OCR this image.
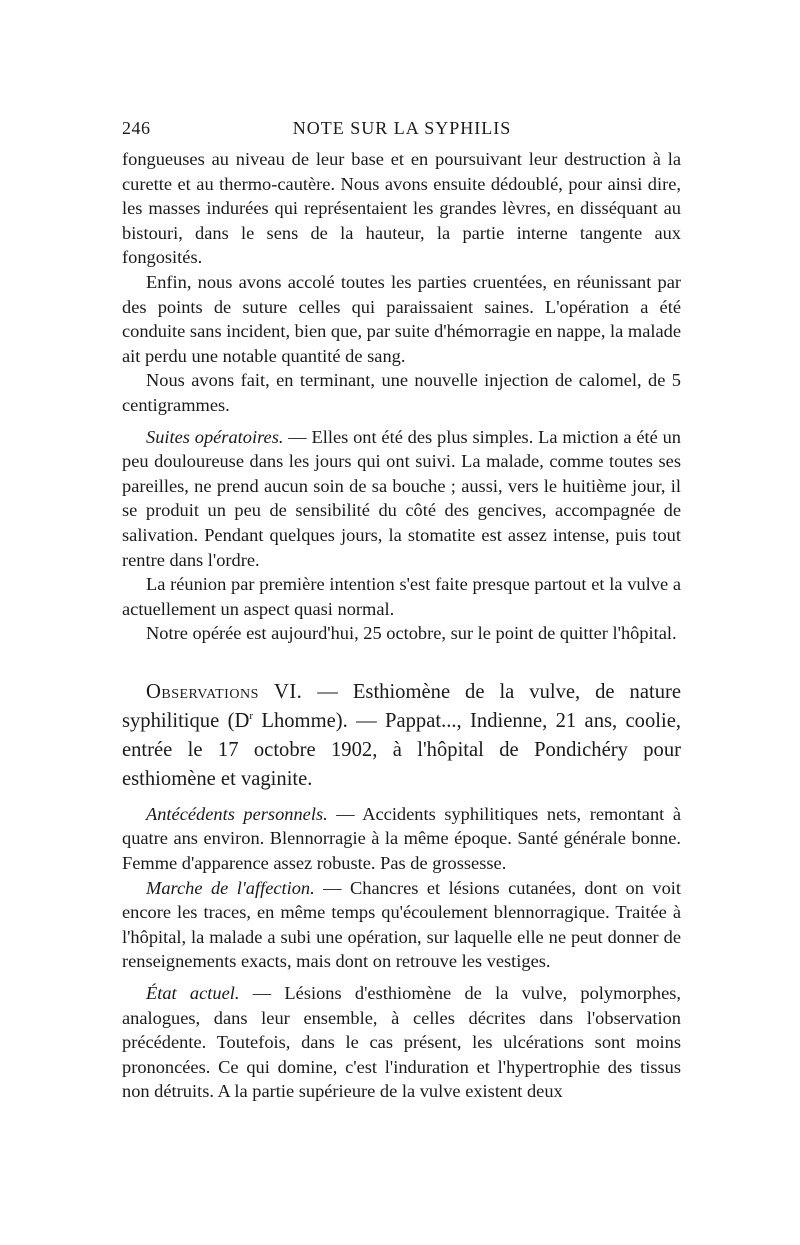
246	NOTE SUR LA SYPHILIS

fongueuses au niveau de leur base et en poursuivant leur destruction à la curette et au thermo-cautère. Nous avons ensuite dédoublé, pour ainsi dire, les masses indurées qui représentaient les grandes lèvres, en disséquant au bistouri, dans le sens de la hauteur, la partie interne tangente aux fongosités.

Enfin, nous avons accolé toutes les parties cruentées, en réunissant par des points de suture celles qui paraissaient saines. L'opération a été conduite sans incident, bien que, par suite d'hémorragie en nappe, la malade ait perdu une notable quantité de sang.

Nous avons fait, en terminant, une nouvelle injection de calomel, de 5 centigrammes.

Suites opératoires. — Elles ont été des plus simples. La miction a été un peu douloureuse dans les jours qui ont suivi. La malade, comme toutes ses pareilles, ne prend aucun soin de sa bouche ; aussi, vers le huitième jour, il se produit un peu de sensibilité du côté des gencives, accompagnée de salivation. Pendant quelques jours, la stomatite est assez intense, puis tout rentre dans l'ordre.

La réunion par première intention s'est faite presque partout et la vulve a actuellement un aspect quasi normal.

Notre opérée est aujourd'hui, 25 octobre, sur le point de quitter l'hôpital.

Observations VI. — Esthiomène de la vulve, de nature syphilitique ($D^r$ Lhomme). — Pappat..., Indienne, 21 ans, coolie, entrée le 17 octobre 1902, à l'hôpital de Pondichéry pour esthiomène et vaginite.

Antécédents personnels. — Accidents syphilitiques nets, remontant à quatre ans environ. Blennorragie à la même époque. Santé générale bonne. Femme d'apparence assez robuste. Pas de grossesse.

Marche de l'affection. — Chancres et lésions cutanées, dont on voit encore les traces, en même temps qu'écoulement blennorragique. Traitée à l'hôpital, la malade a subi une opération, sur laquelle elle ne peut donner de renseignements exacts, mais dont on retrouve les vestiges.

État actuel. — Lésions d'esthiomène de la vulve, polymorphes, analogues, dans leur ensemble, à celles décrites dans l'observation précédente. Toutefois, dans le cas présent, les ulcérations sont moins prononcées. Ce qui domine, c'est l'induration et l'hypertrophie des tissus non détruits. A la partie supérieure de la vulve existent deux
